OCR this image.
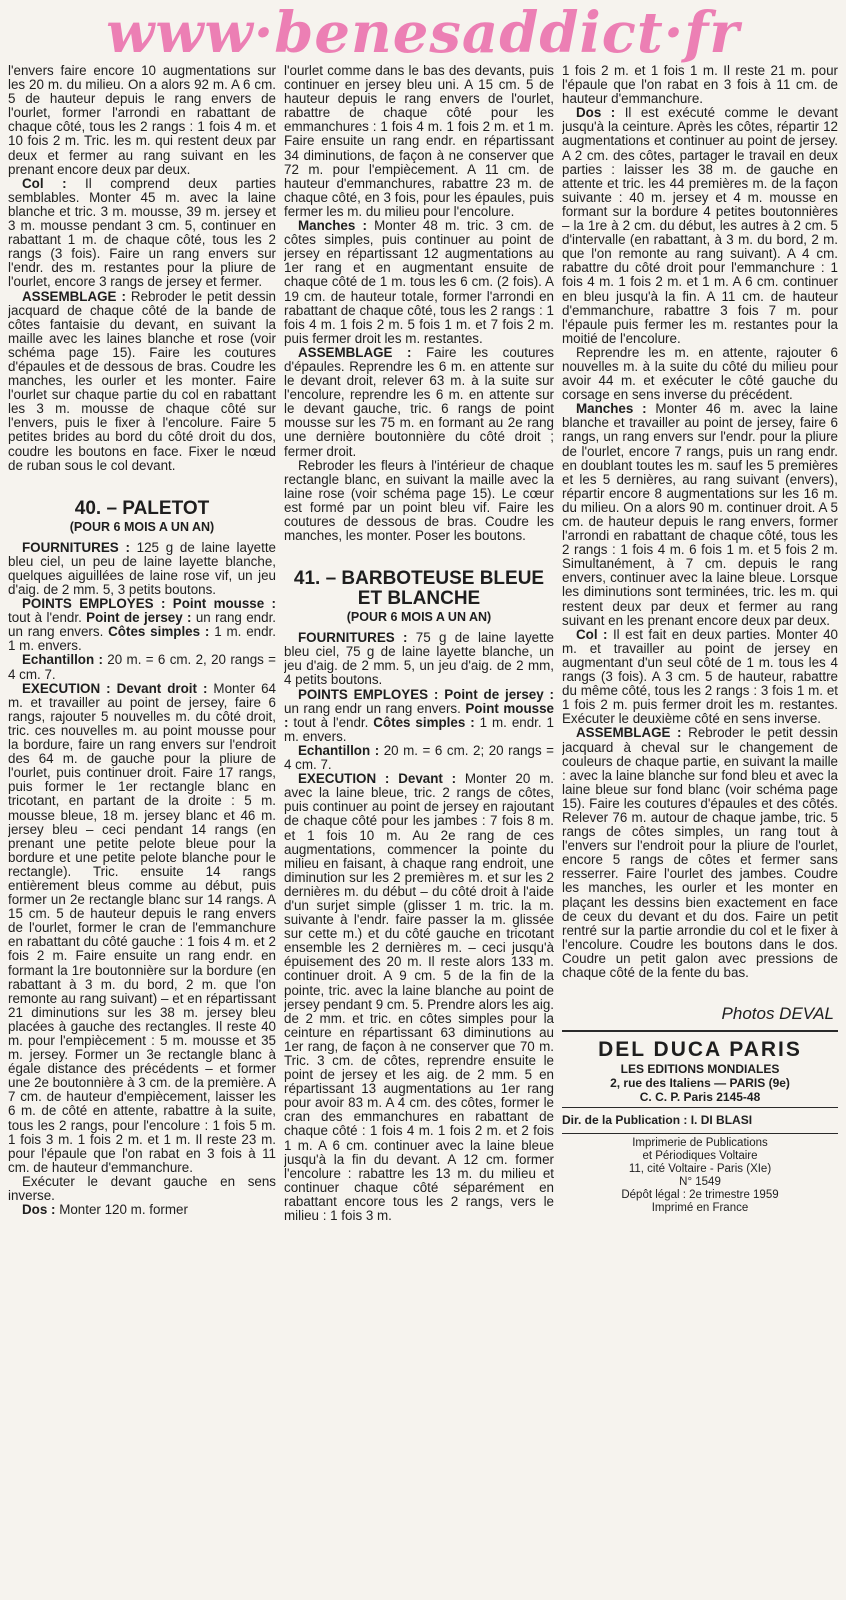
www·benesaddict·fr

l'envers faire encore 10 augmentations sur les 20 m. du milieu. On a alors 92 m. A 6 cm. 5 de hauteur depuis le rang envers de l'ourlet, former l'arrondi en rabattant de chaque côté, tous les 2 rangs : 1 fois 4 m. et 10 fois 2 m. Tric. les m. qui restent deux par deux et fermer au rang suivant en les prenant encore deux par deux.

Col : Il comprend deux parties semblables. Monter 45 m. avec la laine blanche et tric. 3 m. mousse, 39 m. jersey et 3 m. mousse pendant 3 cm. 5, continuer en rabattant 1 m. de chaque côté, tous les 2 rangs (3 fois). Faire un rang envers sur l'endr. des m. restantes pour la pliure de l'ourlet, encore 3 rangs de jersey et fermer.

ASSEMBLAGE : Rebroder le petit dessin jacquard de chaque côté de la bande de côtes fantaisie du devant, en suivant la maille avec les laines blanche et rose (voir schéma page 15). Faire les coutures d'épaules et de dessous de bras. Coudre les manches, les ourler et les monter. Faire l'ourlet sur chaque partie du col en rabattant les 3 m. mousse de chaque côté sur l'envers, puis le fixer à l'encolure. Faire 5 petites brides au bord du côté droit du dos, coudre les boutons en face. Fixer le nœud de ruban sous le col devant.

40. – PALETOT
(POUR 6 MOIS A UN AN)

FOURNITURES : 125 g de laine layette bleu ciel, un peu de laine layette blanche, quelques aiguillées de laine rose vif, un jeu d'aig. de 2 mm. 5, 3 petits boutons.

POINTS EMPLOYES : Point mousse : tout à l'endr. Point de jersey : un rang endr. un rang envers. Côtes simples : 1 m. endr. 1 m. envers.

Echantillon : 20 m. = 6 cm. 2, 20 rangs = 4 cm. 7.

EXECUTION : Devant droit : Monter 64 m. et travailler au point de jersey, faire 6 rangs, rajouter 5 nouvelles m. du côté droit, tric. ces nouvelles m. au point mousse pour la bordure, faire un rang envers sur l'endroit des 64 m. de gauche pour la pliure de l'ourlet, puis continuer droit. Faire 17 rangs, puis former le 1er rectangle blanc en tricotant, en partant de la droite : 5 m. mousse bleue, 18 m. jersey blanc et 46 m. jersey bleu – ceci pendant 14 rangs (en prenant une petite pelote bleue pour la bordure et une petite pelote blanche pour le rectangle). Tric. ensuite 14 rangs entièrement bleus comme au début, puis former un 2e rectangle blanc sur 14 rangs. A 15 cm. 5 de hauteur depuis le rang envers de l'ourlet, former le cran de l'emmanchure en rabattant du côté gauche : 1 fois 4 m. et 2 fois 2 m. Faire ensuite un rang endr. en formant la 1re boutonnière sur la bordure (en rabattant à 3 m. du bord, 2 m. que l'on remonte au rang suivant) – et en répartissant 21 diminutions sur les 38 m. jersey bleu placées à gauche des rectangles. Il reste 40 m. pour l'empiècement : 5 m. mousse et 35 m. jersey. Former un 3e rectangle blanc à égale distance des précédents – et former une 2e boutonnière à 3 cm. de la première. A 7 cm. de hauteur d'empiècement, laisser les 6 m. de côté en attente, rabattre à la suite, tous les 2 rangs, pour l'encolure : 1 fois 5 m. 1 fois 3 m. 1 fois 2 m. et 1 m. Il reste 23 m. pour l'épaule que l'on rabat en 3 fois à 11 cm. de hauteur d'emmanchure.

Exécuter le devant gauche en sens inverse.

Dos : Monter 120 m. former

l'ourlet comme dans le bas des devants, puis continuer en jersey bleu uni. A 15 cm. 5 de hauteur depuis le rang envers de l'ourlet, rabattre de chaque côté pour les emmanchures : 1 fois 4 m. 1 fois 2 m. et 1 m. Faire ensuite un rang endr. en répartissant 34 diminutions, de façon à ne conserver que 72 m. pour l'empiècement. A 11 cm. de hauteur d'emmanchures, rabattre 23 m. de chaque côté, en 3 fois, pour les épaules, puis fermer les m. du milieu pour l'encolure.

Manches : Monter 48 m. tric. 3 cm. de côtes simples, puis continuer au point de jersey en répartissant 12 augmentations au 1er rang et en augmentant ensuite de chaque côté de 1 m. tous les 6 cm. (2 fois). A 19 cm. de hauteur totale, former l'arrondi en rabattant de chaque côté, tous les 2 rangs : 1 fois 4 m. 1 fois 2 m. 5 fois 1 m. et 7 fois 2 m. puis fermer droit les m. restantes.

ASSEMBLAGE : Faire les coutures d'épaules. Reprendre les 6 m. en attente sur le devant droit, relever 63 m. à la suite sur l'encolure, reprendre les 6 m. en attente sur le devant gauche, tric. 6 rangs de point mousse sur les 75 m. en formant au 2e rang une dernière boutonnière du côté droit ; fermer droit.

Rebroder les fleurs à l'intérieur de chaque rectangle blanc, en suivant la maille avec la laine rose (voir schéma page 15). Le cœur est formé par un point bleu vif. Faire les coutures de dessous de bras. Coudre les manches, les monter. Poser les boutons.

41. – BARBOTEUSE BLEUE ET BLANCHE
(POUR 6 MOIS A UN AN)

FOURNITURES : 75 g de laine layette bleu ciel, 75 g de laine layette blanche, un jeu d'aig. de 2 mm. 5, un jeu d'aig. de 2 mm, 4 petits boutons.

POINTS EMPLOYES : Point de jersey : un rang endr un rang envers. Point mousse : tout à l'endr. Côtes simples : 1 m. endr. 1 m. envers.

Echantillon : 20 m. = 6 cm. 2; 20 rangs = 4 cm. 7.

EXECUTION : Devant : Monter 20 m. avec la laine bleue, tric. 2 rangs de côtes, puis continuer au point de jersey en rajoutant de chaque côté pour les jambes : 7 fois 8 m. et 1 fois 10 m. Au 2e rang de ces augmentations, commencer la pointe du milieu en faisant, à chaque rang endroit, une diminution sur les 2 premières m. et sur les 2 dernières m. du début – du côté droit à l'aide d'un surjet simple (glisser 1 m. tric. la m. suivante à l'endr. faire passer la m. glissée sur cette m.) et du côté gauche en tricotant ensemble les 2 dernières m. – ceci jusqu'à épuisement des 20 m. Il reste alors 133 m. continuer droit. A 9 cm. 5 de la fin de la pointe, tric. avec la laine blanche au point de jersey pendant 9 cm. 5. Prendre alors les aig. de 2 mm. et tric. en côtes simples pour la ceinture en répartissant 63 diminutions au 1er rang, de façon à ne conserver que 70 m. Tric. 3 cm. de côtes, reprendre ensuite le point de jersey et les aig. de 2 mm. 5 en répartissant 13 augmentations au 1er rang pour avoir 83 m. A 4 cm. des côtes, former le cran des emmanchures en rabattant de chaque côté : 1 fois 4 m. 1 fois 2 m. et 2 fois 1 m. A 6 cm. continuer avec la laine bleue jusqu'à la fin du devant. A 12 cm. former l'encolure : rabattre les 13 m. du milieu et continuer chaque côté séparément en rabattant encore tous les 2 rangs, vers le milieu : 1 fois 3 m.

1 fois 2 m. et 1 fois 1 m. Il reste 21 m. pour l'épaule que l'on rabat en 3 fois à 11 cm. de hauteur d'emmanchure.

Dos : Il est exécuté comme le devant jusqu'à la ceinture. Après les côtes, répartir 12 augmentations et continuer au point de jersey. A 2 cm. des côtes, partager le travail en deux parties : laisser les 38 m. de gauche en attente et tric. les 44 premières m. de la façon suivante : 40 m. jersey et 4 m. mousse en formant sur la bordure 4 petites boutonnières – la 1re à 2 cm. du début, les autres à 2 cm. 5 d'intervalle (en rabattant, à 3 m. du bord, 2 m. que l'on remonte au rang suivant). A 4 cm. rabattre du côté droit pour l'emmanchure : 1 fois 4 m. 1 fois 2 m. et 1 m. A 6 cm. continuer en bleu jusqu'à la fin. A 11 cm. de hauteur d'emmanchure, rabattre 3 fois 7 m. pour l'épaule puis fermer les m. restantes pour la moitié de l'encolure.

Reprendre les m. en attente, rajouter 6 nouvelles m. à la suite du côté du milieu pour avoir 44 m. et exécuter le côté gauche du corsage en sens inverse du précédent.

Manches : Monter 46 m. avec la laine blanche et travailler au point de jersey, faire 6 rangs, un rang envers sur l'endr. pour la pliure de l'ourlet, encore 7 rangs, puis un rang endr. en doublant toutes les m. sauf les 5 premières et les 5 dernières, au rang suivant (envers), répartir encore 8 augmentations sur les 16 m. du milieu. On a alors 90 m. continuer droit. A 5 cm. de hauteur depuis le rang envers, former l'arrondi en rabattant de chaque côté, tous les 2 rangs : 1 fois 4 m. 6 fois 1 m. et 5 fois 2 m. Simultanément, à 7 cm. depuis le rang envers, continuer avec la laine bleue. Lorsque les diminutions sont terminées, tric. les m. qui restent deux par deux et fermer au rang suivant en les prenant encore deux par deux.

Col : Il est fait en deux parties. Monter 40 m. et travailler au point de jersey en augmentant d'un seul côté de 1 m. tous les 4 rangs (3 fois). A 3 cm. 5 de hauteur, rabattre du même côté, tous les 2 rangs : 3 fois 1 m. et 1 fois 2 m. puis fermer droit les m. restantes. Exécuter le deuxième côté en sens inverse.

ASSEMBLAGE : Rebroder le petit dessin jacquard à cheval sur le changement de couleurs de chaque partie, en suivant la maille : avec la laine blanche sur fond bleu et avec la laine bleue sur fond blanc (voir schéma page 15). Faire les coutures d'épaules et des côtés. Relever 76 m. autour de chaque jambe, tric. 5 rangs de côtes simples, un rang tout à l'envers sur l'endroit pour la pliure de l'ourlet, encore 5 rangs de côtes et fermer sans resserrer. Faire l'ourlet des jambes. Coudre les manches, les ourler et les monter en plaçant les dessins bien exactement en face de ceux du devant et du dos. Faire un petit rentré sur la partie arrondie du col et le fixer à l'encolure. Coudre les boutons dans le dos. Coudre un petit galon avec pressions de chaque côté de la fente du bas.

Photos DEVAL
DEL DUCA PARIS
LES EDITIONS MONDIALES
2, rue des Italiens — PARIS (9e)
C. C. P. Paris 2145-48
Dir. de la Publication : I. DI BLASI
Imprimerie de Publications
et Périodiques Voltaire
11, cité Voltaire - Paris (XIe)
N° 1549
Dépôt légal : 2e trimestre 1959
Imprimé en France
